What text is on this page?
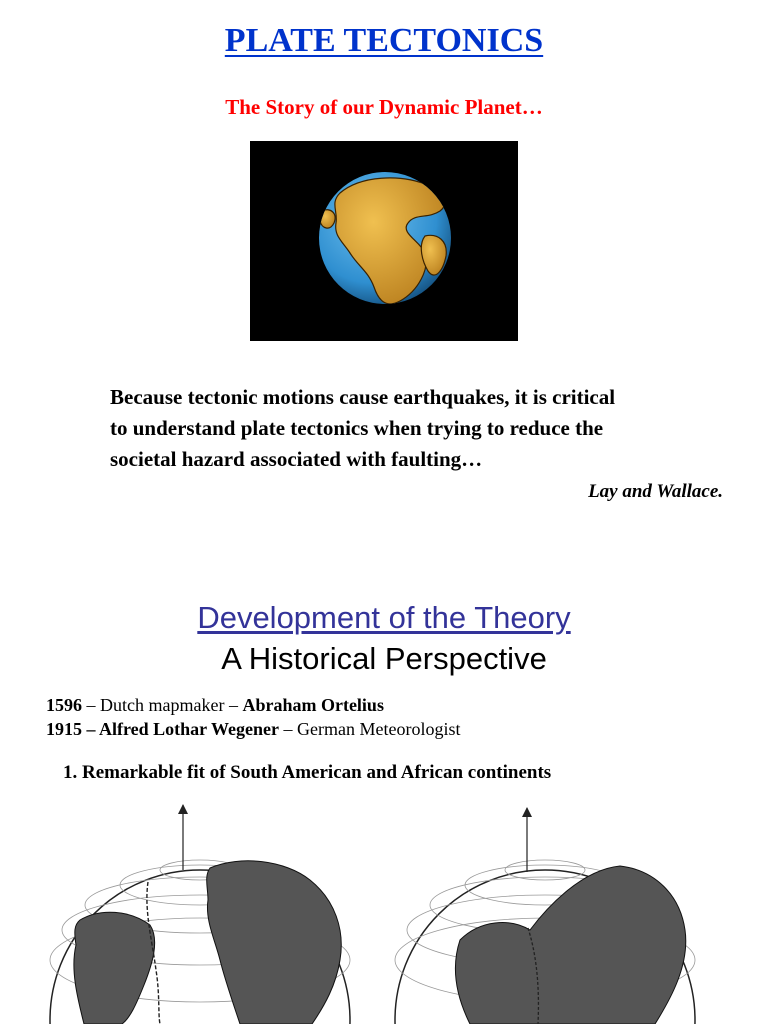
PLATE TECTONICS
The Story of our Dynamic Planet…
Because tectonic motions cause earthquakes, it is critical
to understand plate tectonics when trying to reduce the
societal hazard associated with faulting…
Lay and Wallace.
Development of the Theory
A Historical Perspective
1596 – Dutch mapmaker – Abraham Ortelius
1915 – Alfred Lothar Wegener – German Meteorologist
1. Remarkable fit of South American and African continents
